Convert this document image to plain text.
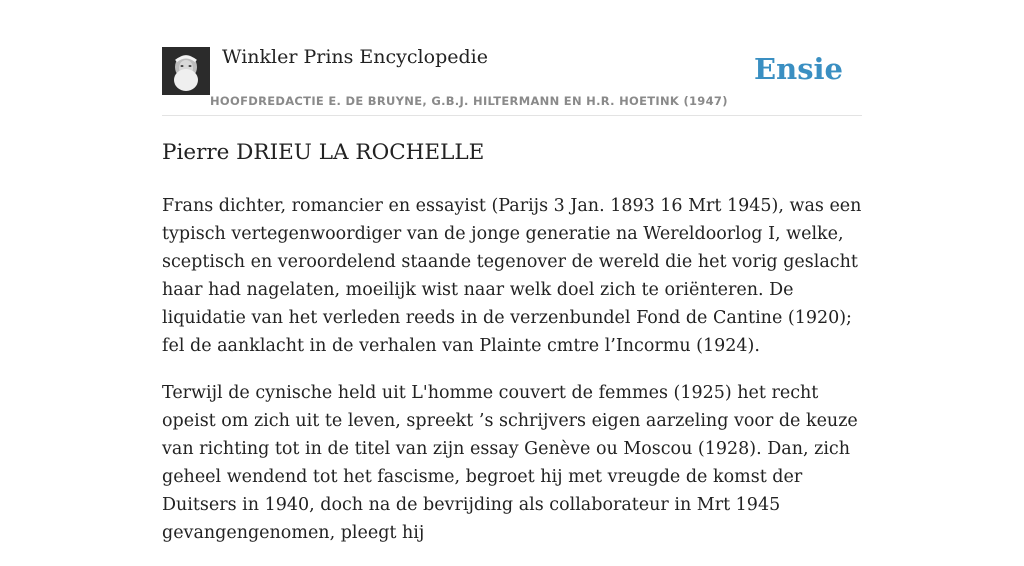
Winkler Prins Encyclopedie
HOOFDREDACTIE E. DE BRUYNE, G.B.J. HILTERMANN EN H.R. HOETINK (1947)
Ensie
Pierre DRIEU LA ROCHELLE

Frans dichter, romancier en essayist (Parijs 3 Jan. 1893 16 Mrt 1945), was een typisch vertegenwoordiger van de jonge generatie na Wereldoorlog I, welke, sceptisch en veroordelend staande tegenover de wereld die het vorig geslacht haar had nagelaten, moeilijk wist naar welk doel zich te oriënteren. De liquidatie van het verleden reeds in de verzenbundel Fond de Cantine (1920); fel de aanklacht in de verhalen van Plainte cmtre l’Incormu (1924).

Terwijl de cynische held uit L'homme couvert de femmes (1925) het recht opeist om zich uit te leven, spreekt ’s schrijvers eigen aarzeling voor de keuze van richting tot in de titel van zijn essay Genève ou Moscou (1928). Dan, zich geheel wendend tot het fascisme, begroet hij met vreugde de komst der Duitsers in 1940, doch na de bevrijding als collaborateur in Mrt 1945 gevangengenomen, pleegt hij
